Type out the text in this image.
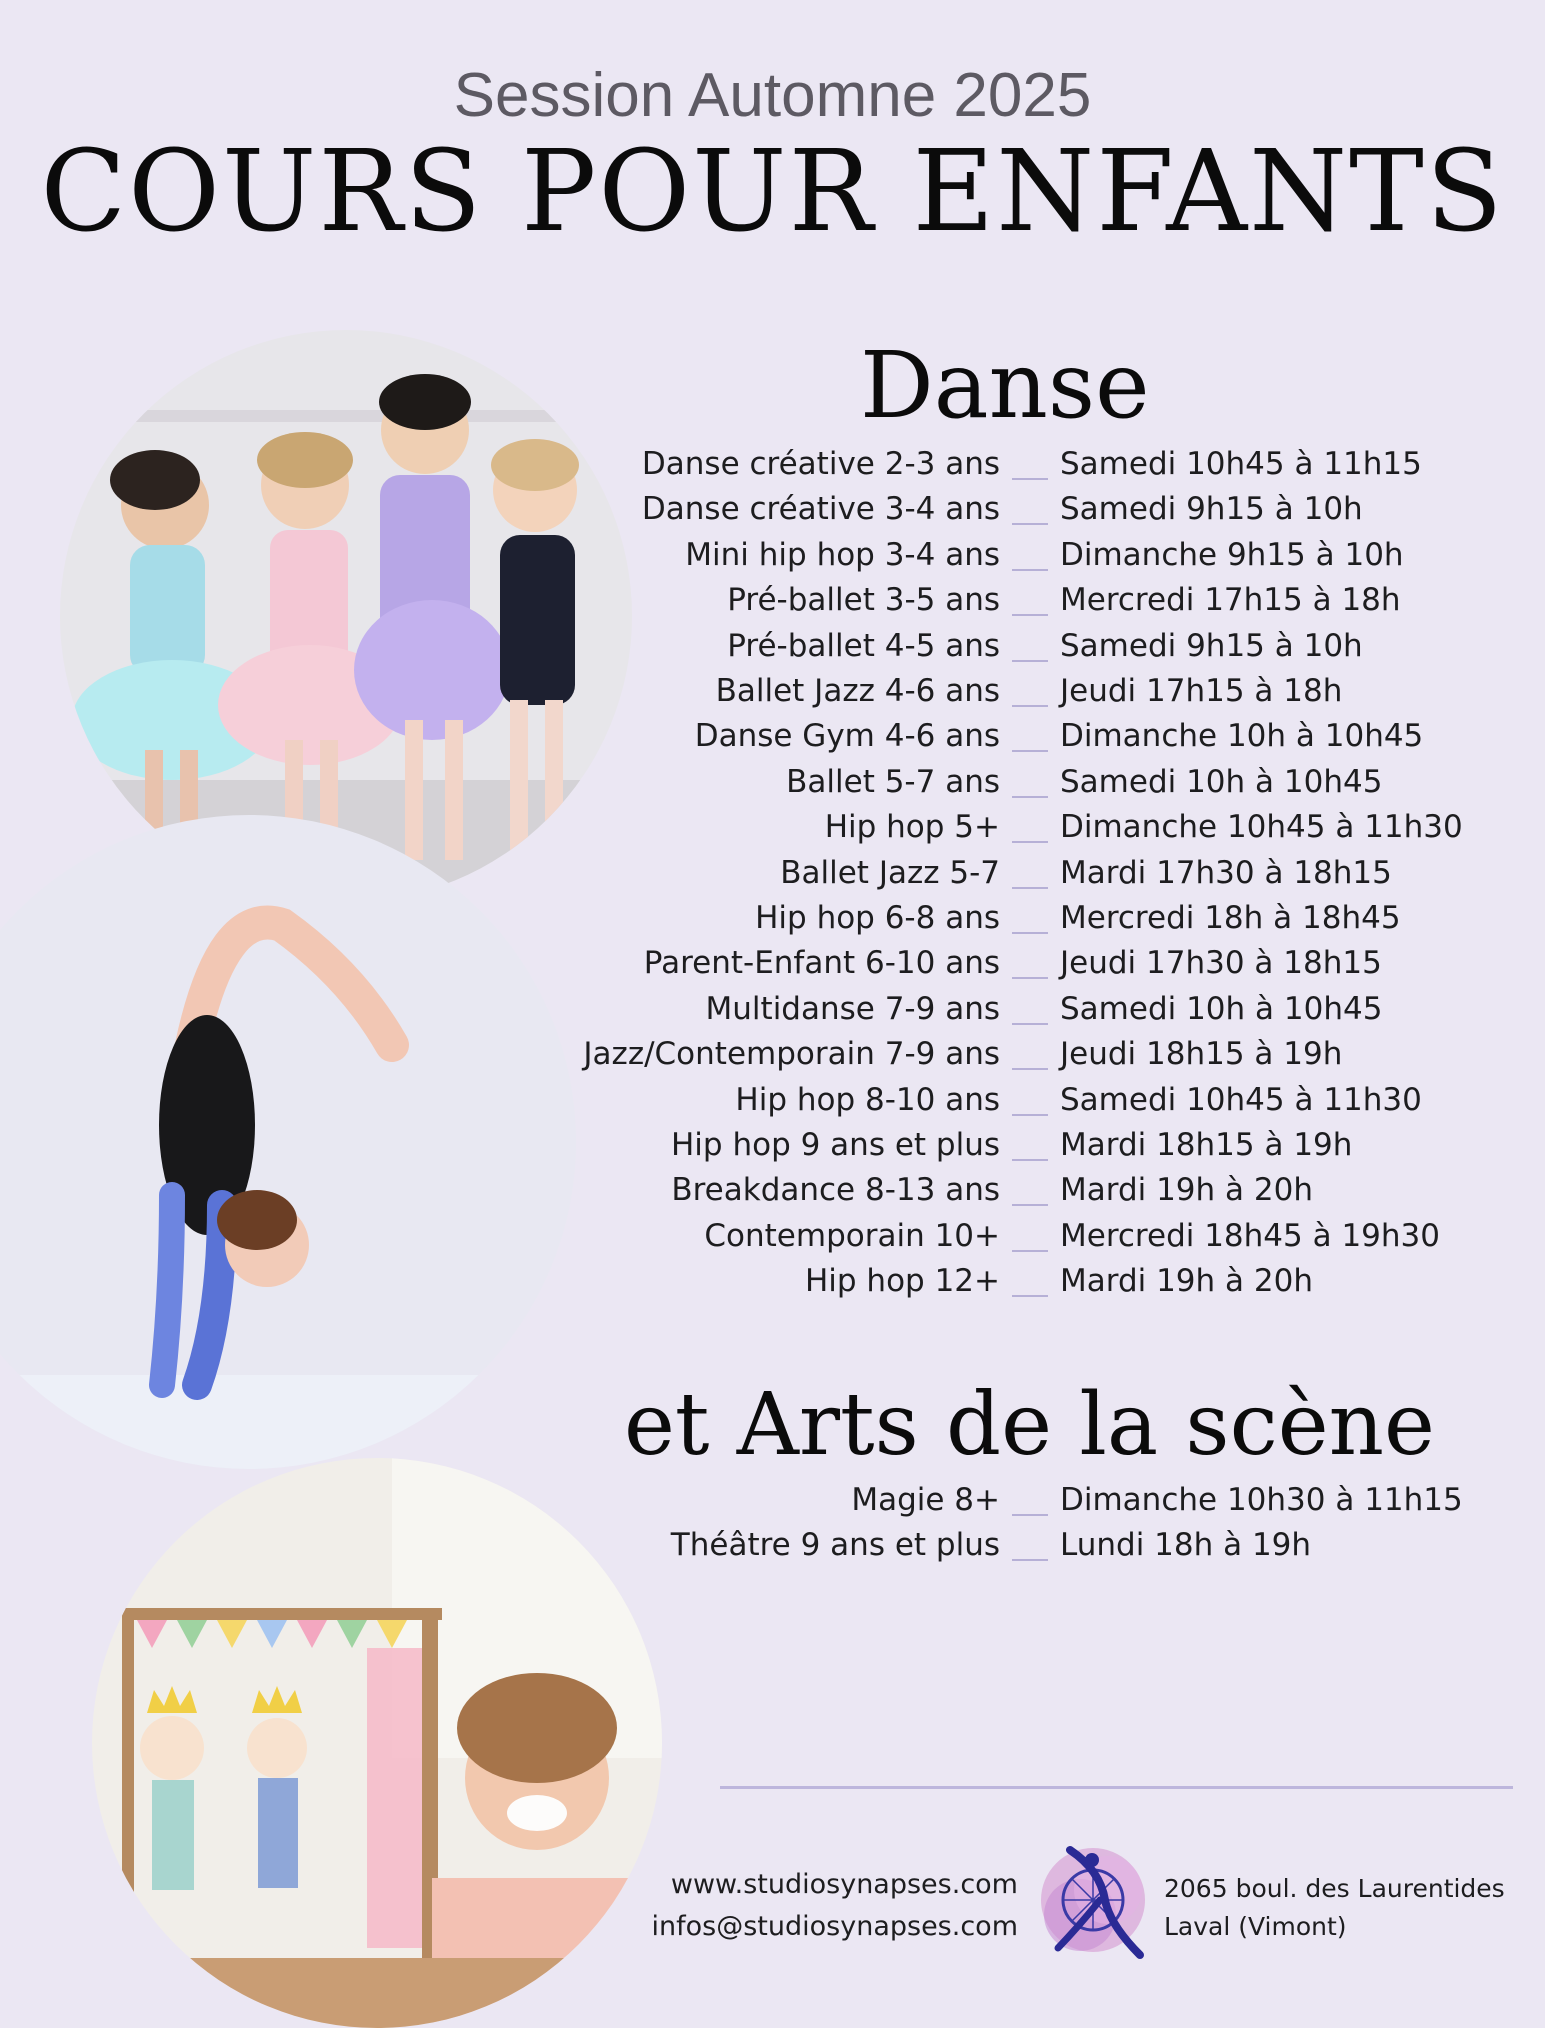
Session Automne 2025
COURS POUR ENFANTS
Danse
Danse créative 2-3 ans Samedi 10h45 à 11h15
Danse créative 3-4 ans Samedi 9h15 à 10h
Mini hip hop 3-4 ans Dimanche 9h15 à 10h
Pré-ballet 3-5 ans Mercredi 17h15 à 18h
Pré-ballet 4-5 ans Samedi 9h15 à 10h
Ballet Jazz 4-6 ans Jeudi 17h15 à 18h
Danse Gym 4-6 ans Dimanche 10h à 10h45
Ballet 5-7 ans Samedi 10h à 10h45
Hip hop 5+ Dimanche 10h45 à 11h30
Ballet Jazz 5-7 Mardi 17h30 à 18h15
Hip hop 6-8 ans Mercredi 18h à 18h45
Parent-Enfant 6-10 ans Jeudi 17h30 à 18h15
Multidanse 7-9 ans Samedi 10h à 10h45
Jazz/Contemporain 7-9 ans Jeudi 18h15 à 19h
Hip hop 8-10 ans Samedi 10h45 à 11h30
Hip hop 9 ans et plus Mardi 18h15 à 19h
Breakdance 8-13 ans Mardi 19h à 20h
Contemporain 10+ Mercredi 18h45 à 19h30
Hip hop 12+ Mardi 19h à 20h
et Arts de la scène
Magie 8+ Dimanche 10h30 à 11h15
Théâtre 9 ans et plus Lundi 18h à 19h
www.studiosynapses.com
infos@studiosynapses.com
2065 boul. des Laurentides
Laval (Vimont)
